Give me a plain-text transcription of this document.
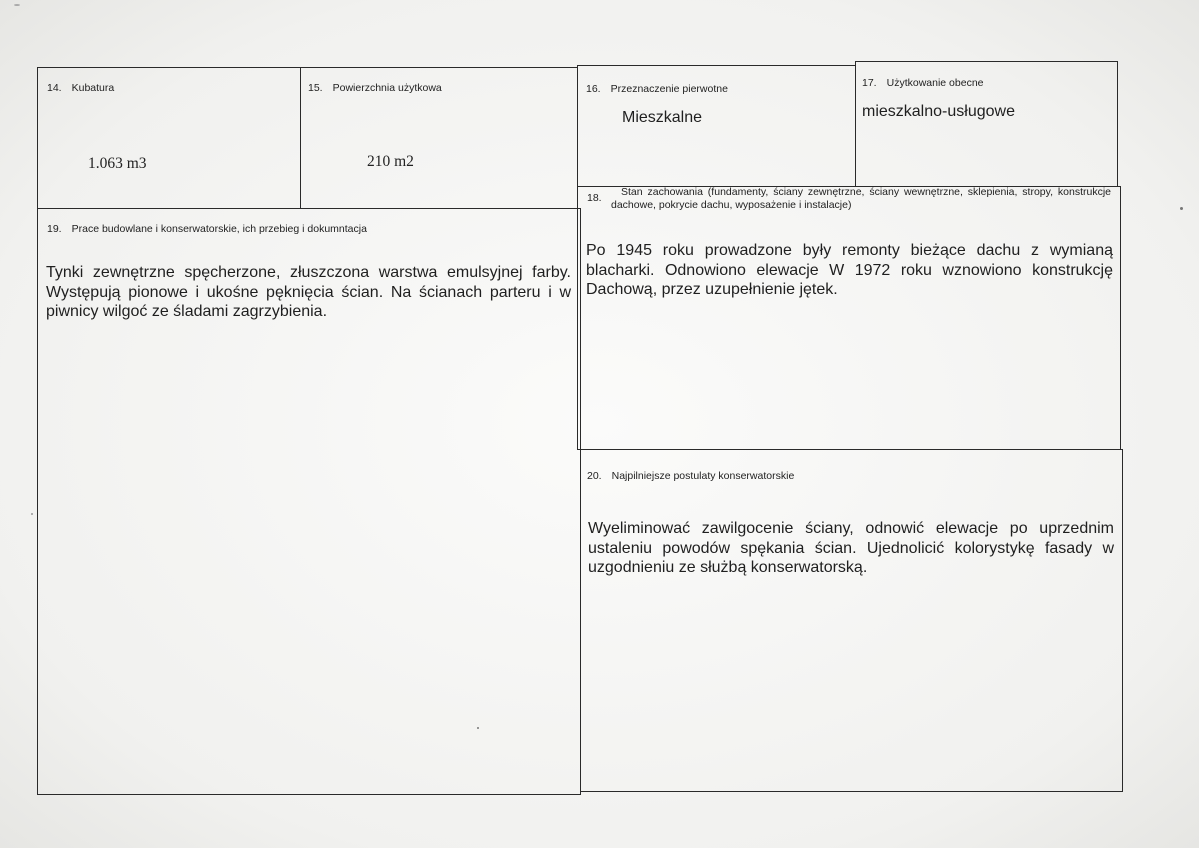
14. Kubatura
1.063 m3
15. Powierzchnia użytkowa
210 m2
16. Przeznaczenie pierwotne
Mieszkalne
17. Użytkowanie obecne
mieszkalno-usługowe
18.	Stan zachowania (fundamenty, ściany zewnętrzne, ściany wewnętrzne, sklepienia, stropy, konstrukcje dachowe, pokrycie dachu, wyposażenie i instalacje)
Po 1945 roku prowadzone były remonty bieżące dachu z wymianą blacharki. Odnowiono elewacje W 1972 roku wznowiono konstrukcję Dachową, przez uzupełnienie jętek.
19. Prace budowlane i konserwatorskie, ich przebieg i dokumntacja
Tynki zewnętrzne spęcherzone, złuszczona warstwa emulsyjnej farby. Występują pionowe i ukośne pęknięcia ścian. Na ścianach parteru i w piwnicy wilgoć ze śladami zagrzybienia.
20. Najpilniejsze postulaty konserwatorskie
Wyeliminować zawilgocenie ściany, odnowić elewacje po uprzednim ustaleniu powodów spękania ścian. Ujednolicić kolorystykę fasady w uzgodnieniu ze służbą konserwatorską.
